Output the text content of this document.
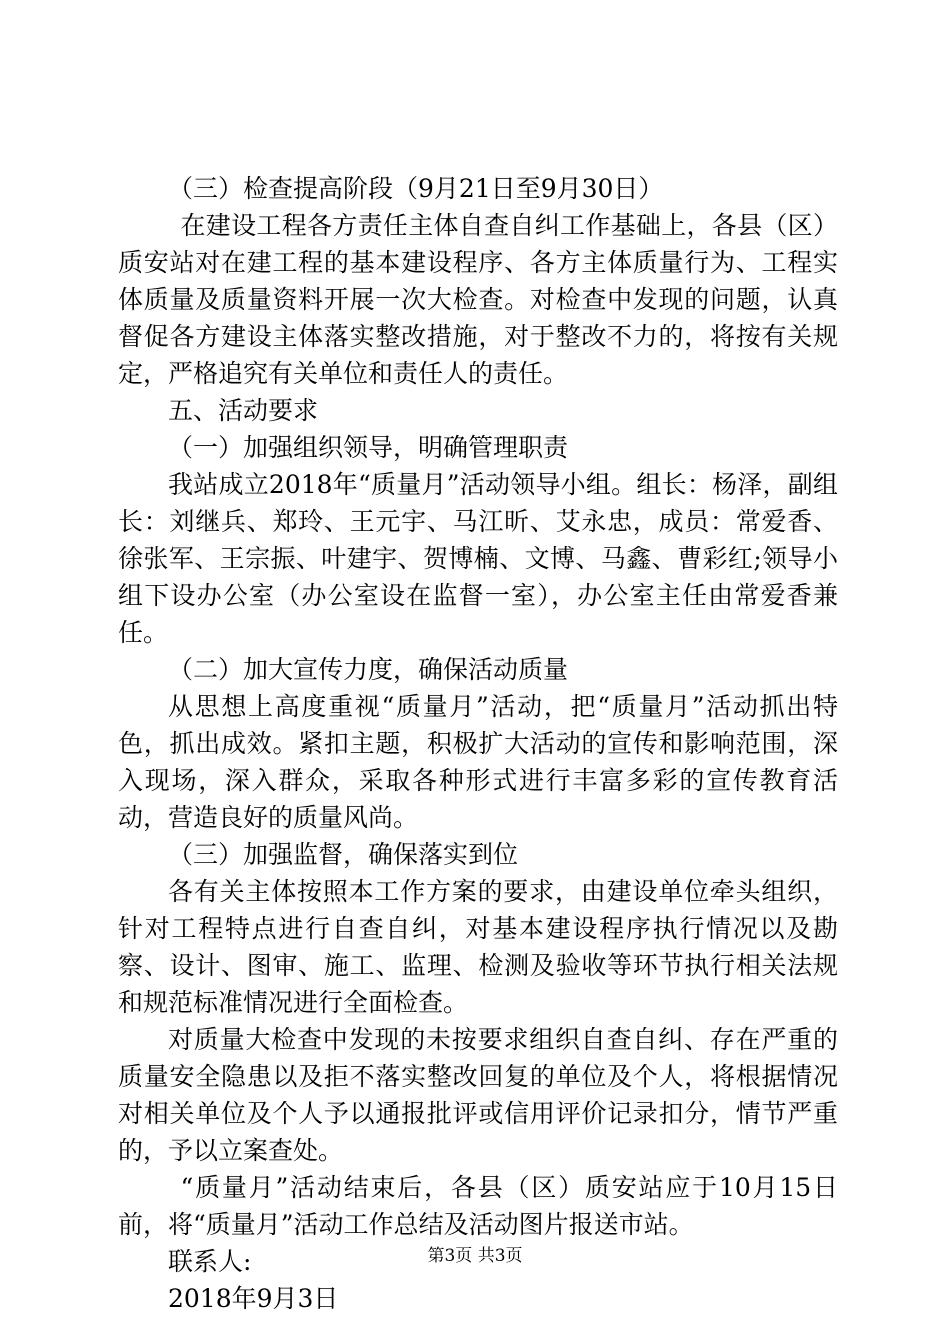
（三）检查提高阶段（9月21日至9月30日）

在建设工程各方责任主体自查自纠工作基础上，各县（区）质安站对在建工程的基本建设程序、各方主体质量行为、工程实体质量及质量资料开展一次大检查。对检查中发现的问题，认真督促各方建设主体落实整改措施，对于整改不力的，将按有关规定，严格追究有关单位和责任人的责任。

五、活动要求

（一）加强组织领导，明确管理职责

我站成立2018年“质量月”活动领导小组。组长：杨泽，副组长：刘继兵、郑玲、王元宇、马江昕、艾永忠，成员：常爱香、徐张军、王宗振、叶建宇、贺博楠、文博、马鑫、曹彩红;领导小组下设办公室（办公室设在监督一室），办公室主任由常爱香兼任。

（二）加大宣传力度，确保活动质量

从思想上高度重视“质量月”活动，把“质量月”活动抓出特色，抓出成效。紧扣主题，积极扩大活动的宣传和影响范围，深入现场，深入群众，采取各种形式进行丰富多彩的宣传教育活动，营造良好的质量风尚。

（三）加强监督，确保落实到位

各有关主体按照本工作方案的要求，由建设单位牵头组织，针对工程特点进行自查自纠，对基本建设程序执行情况以及勘察、设计、图审、施工、监理、检测及验收等环节执行相关法规和规范标准情况进行全面检查。

对质量大检查中发现的未按要求组织自查自纠、存在严重的质量安全隐患以及拒不落实整改回复的单位及个人，将根据情况对相关单位及个人予以通报批评或信用评价记录扣分，情节严重的，予以立案查处。

“质量月”活动结束后，各县（区）质安站应于10月15日前，将“质量月”活动工作总结及活动图片报送市站。

联系人:

2018年9月3日

第3页 共3页
